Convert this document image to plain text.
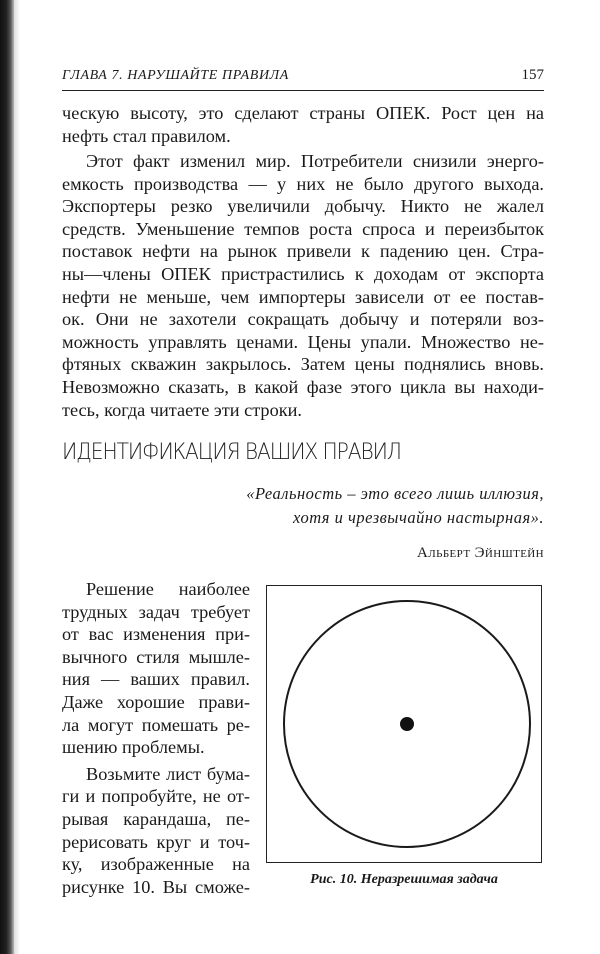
ГЛАВА 7. НАРУШАЙТЕ ПРАВИЛА	157
ческую высоту, это сделают страны ОПЕК. Рост цен на
нефть стал правилом.
Этот факт изменил мир. Потребители снизили энерго-
емкость производства — у них не было другого выхода.
Экспортеры резко увеличили добычу. Никто не жалел
средств. Уменьшение темпов роста спроса и переизбыток
поставок нефти на рынок привели к падению цен. Стра-
ны—члены ОПЕК пристрастились к доходам от экспорта
нефти не меньше, чем импортеры зависели от ее постав-
ок. Они не захотели сокращать добычу и потеряли воз-
можность управлять ценами. Цены упали. Множество не-
фтяных скважин закрылось. Затем цены поднялись вновь.
Невозможно сказать, в какой фазе этого цикла вы находи-
тесь, когда читаете эти строки.
ИДЕНТИФИКАЦИЯ ВАШИХ ПРАВИЛ
«Реальность – это всего лишь иллюзия,
хотя и чрезвычайно настырная».
Альберт Эйнштейн
Решение наиболее
трудных задач требует
от вас изменения при-
вычного стиля мышле-
ния — ваших правил.
Даже хорошие прави-
ла могут помешать ре-
шению проблемы.
Возьмите лист бума-
ги и попробуйте, не от-
рывая карандаша, пе-
рерисовать круг и точ-
ку, изображенные на
рисунке 10. Вы сможе-	Рис. 10. Неразрешимая задача
